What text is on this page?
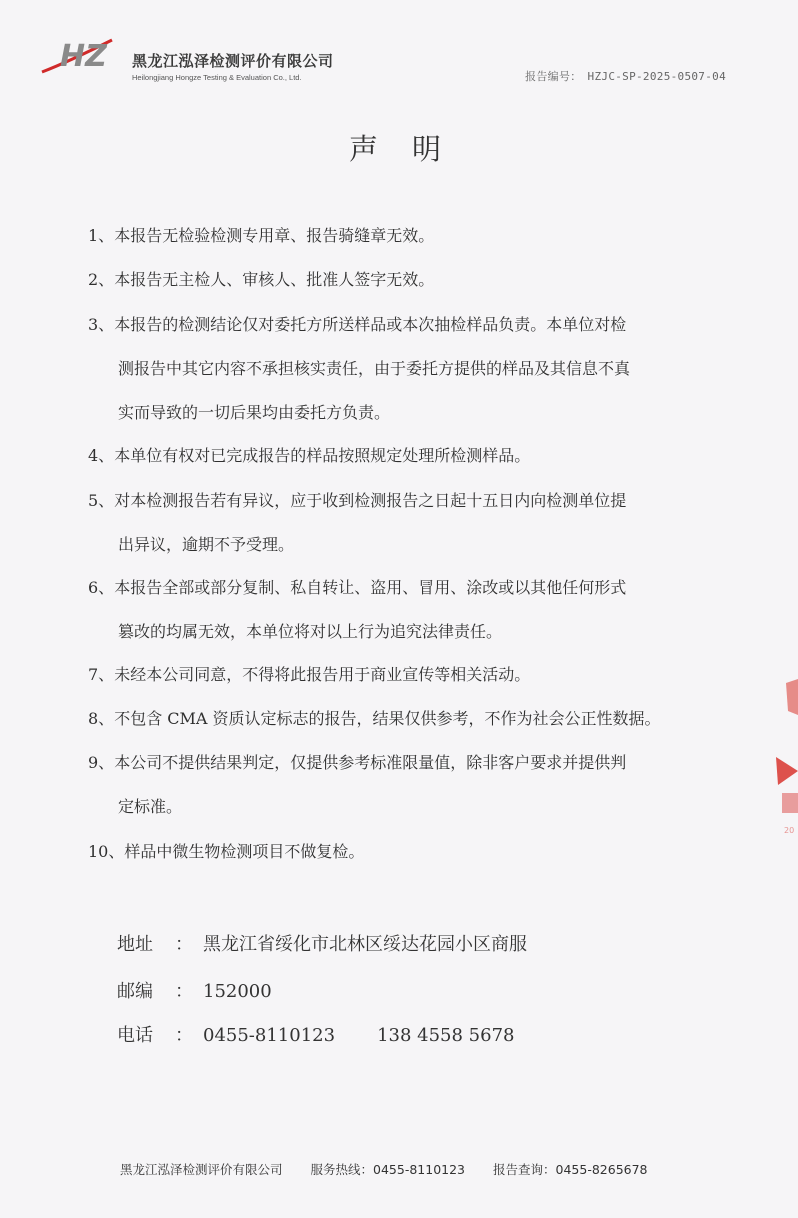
HZ 黑龙江泓泽检测评价有限公司
Heilongjiang Hongze Testing & Evaluation Co., Ltd.	报告编号： HZJC-SP-2025-0507-04
声明
1、本报告无检验检测专用章、报告骑缝章无效。
2、本报告无主检人、审核人、批准人签字无效。
3、本报告的检测结论仅对委托方所送样品或本次抽检样品负责。本单位对检
测报告中其它内容不承担核实责任，由于委托方提供的样品及其信息不真
实而导致的一切后果均由委托方负责。
4、本单位有权对已完成报告的样品按照规定处理所检测样品。
5、对本检测报告若有异议，应于收到检测报告之日起十五日内向检测单位提
出异议，逾期不予受理。
6、本报告全部或部分复制、私自转让、盗用、冒用、涂改或以其他任何形式
篡改的均属无效，本单位将对以上行为追究法律责任。
7、未经本公司同意，不得将此报告用于商业宣传等相关活动。
8、不包含 CMA 资质认定标志的报告，结果仅供参考，不作为社会公正性数据。
9、本公司不提供结果判定，仅提供参考标准限量值，除非客户要求并提供判
定标准。
10、样品中微生物检测项目不做复检。
地址 ： 黑龙江省绥化市北林区绥达花园小区商服
邮编 ： 152000
电话 ： 0455-8110123 138 4558 5678
黑龙江泓泽检测评价有限公司 服务热线：0455-8110123 报告查询：0455-8265678
20
